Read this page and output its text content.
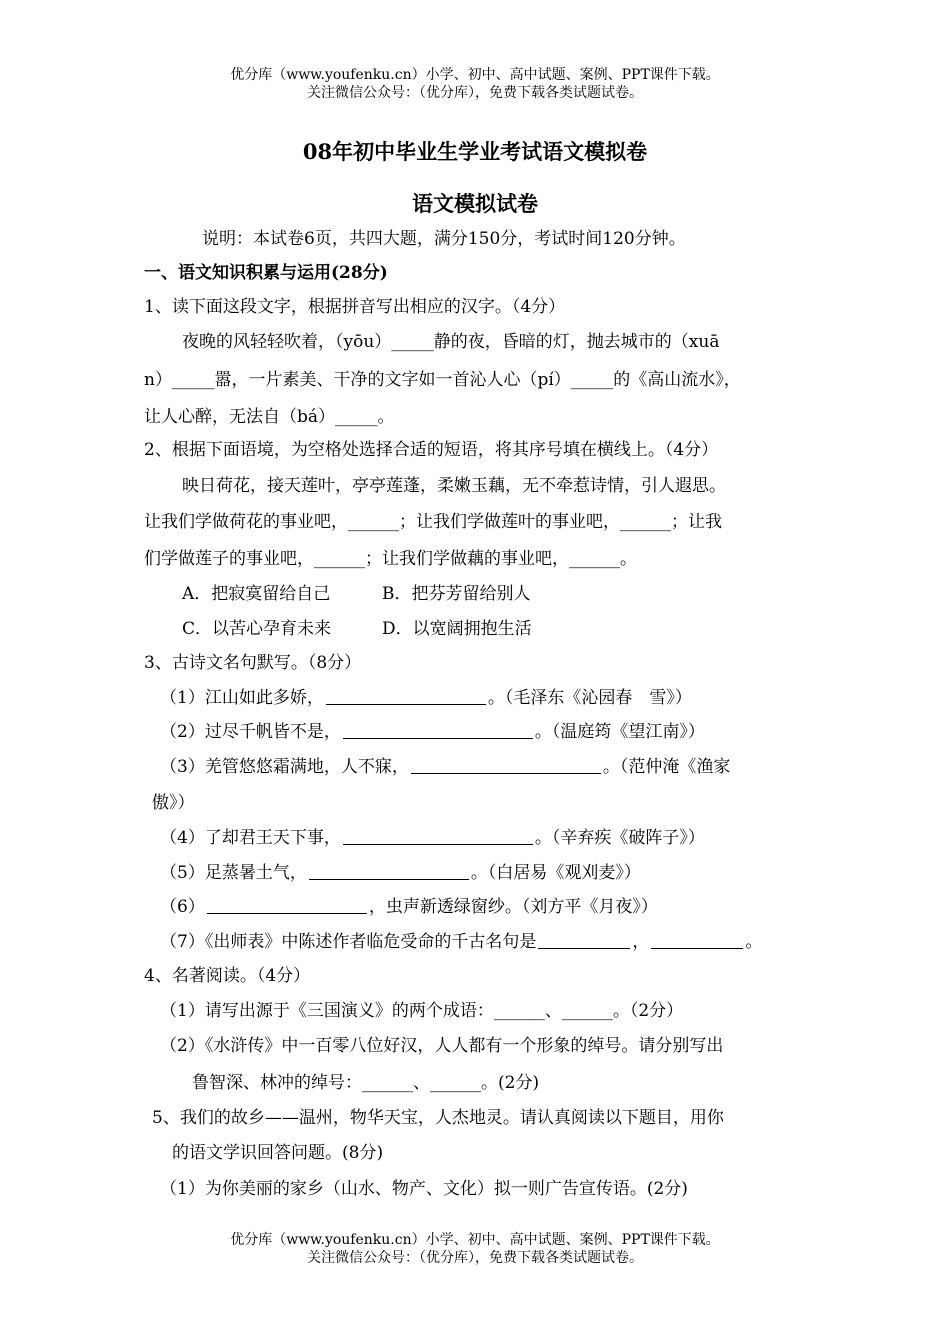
优分库（www.youfenku.cn）小学、初中、高中试题、案例、PPT课件下载。
关注微信公众号：（优分库），免费下载各类试题试卷。
08年初中毕业生学业考试语文模拟卷
语文模拟试卷
说明：本试卷6页，共四大题，满分150分，考试时间120分钟。
一、语文知识积累与运用(28分)
1、读下面这段文字，根据拼音写出相应的汉字。（4分）
夜晚的风轻轻吹着，（yōu）_____静的夜，昏暗的灯，抛去城市的（xuā
n）_____嚣，一片素美、干净的文字如一首沁人心（pí）_____的《高山流水》，
让人心醉，无法自（bá）_____。
2、根据下面语境，为空格处选择合适的短语，将其序号填在横线上。（4分）
映日荷花，接天莲叶，亭亭莲蓬，柔嫩玉藕，无不牵惹诗情，引人遐思。
让我们学做荷花的事业吧，______；让我们学做莲叶的事业吧，______；让我
们学做莲子的事业吧，______；让我们学做藕的事业吧，______。
A．把寂寞留给自己	B．把芬芳留给别人
C．以苦心孕育未来	D．以宽阔拥抱生活
3、古诗文名句默写。（8分）
（1）江山如此多娇，	。（毛泽东《沁园春　雪》）
（2）过尽千帆皆不是，	。（温庭筠《望江南》）
（3）羌管悠悠霜满地，人不寐，	。（范仲淹《渔家
傲》）
（4）了却君王天下事，	。（辛弃疾《破阵子》）
（5）足蒸暑土气，	。（白居易《观刈麦》）
（6）	，虫声新透绿窗纱。（刘方平《月夜》）
（7）《出师表》中陈述作者临危受命的千古名句是	，	。
4、名著阅读。（4分）
（1）请写出源于《三国演义》的两个成语：______、______。（2分）
（2）《水浒传》中一百零八位好汉，人人都有一个形象的绰号。请分别写出
鲁智深、林冲的绰号：______、______。(2分)
5、我们的故乡——温州，物华天宝，人杰地灵。请认真阅读以下题目，用你
的语文学识回答问题。(8分)
（1）为你美丽的家乡（山水、物产、文化）拟一则广告宣传语。(2分)
优分库（www.youfenku.cn）小学、初中、高中试题、案例、PPT课件下载。
关注微信公众号：（优分库），免费下载各类试题试卷。
